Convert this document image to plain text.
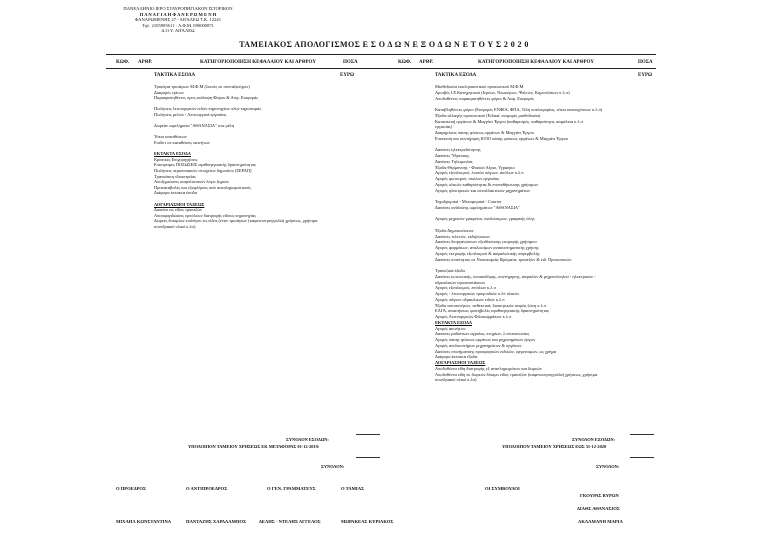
ΠΑΝΕΛΛΗΝΙΟ ΙΕΡΟ ΣΤΑΥΡΟΠΗΓΙΑΚΟΝ ΙΣΤΟΡΙΚΟΝ
Π Α Ν Α Γ Ι Α Η Φ Α Ν Ε Ρ Ω Μ Ε Ν Η
ΦΑΝΑΡΩΜΕΝΗΣ 27 - ΑΙΓΑΛΕΩ Τ.Κ. 12241
Τηλ. 2105905611 - Α.Φ.Μ. 090000871
Δ.Ο.Υ. ΑΙΓΑΛΕΩ
ΤΑΜΕΙΑΚΟΣ ΑΠΟΛΟΓΙΣΜΟΣ Ε Σ Ο Δ Ω Ν Ε Ξ Ο Δ Ω Ν Ε Τ Ο Υ Σ 2 0 2 0
ΚΩΦ. ΑΡΘΡ.	ΚΑΤΗΓΟΡΙΟΠΟΙΗΣΗ ΚΕΦΑΛΑΙΟΥ ΚΑΙ ΑΡΘΡΟΥ	ΠΟΣΑ	ΚΩΦ. ΑΡΘΡ.	ΚΑΤΗΓΟΡΙΟΠΟΙΗΣΗ ΚΕΦΑΛΑΙΟΥ ΚΑΙ ΑΡΘΡΟΥ	ΠΟΣΑ
ΤΑΚΤΙΚΑ ΕΣΟΔΑ	ΕΥΡΩ	ΤΑΚΤΙΚΑ ΕΞΟΔΑ	ΕΥΡΩ
Τρισάγια τρισάγιων Μ.Φ.Μ (λοιπές εκ συνταξιούχων)
Διαφορές τρίτων
Παρακρατηθέντες προς εκάλυψη Φόρου & Ασφ. Εισφοράς
Πωλήσεις λειτουργικών ειδών κηροπηγίων πλην κηροσειράς
Πωλήσεις μελών - Λειτουργικά εργασίας
Δωρεάν ωφελήματα "ΑΘΑΝΑΣΙΑ" στα μέλη
Τόκοι καταθέσεων
Επιδοτ σε καταθέσεις ακινήτων
ΕΚΤΑΚΤΑ ΕΣΟΔΑ
Κρατικές Επιχορηγήσεις
Επιστροφες ΠΟΣΩΣΕΙΣ αγαθοεργειακής δραστηριότητας
Πωλήσεις περιουσιακών στοιχείων δημοσίου (ΣΕΡΑΠ)
Τρανσάκτη ιδιοκτησίας
Αποζημιώσεις ασφαλιστικών λόγω ζημιών
Προκαταβολές και εξοφλήσεις από αναπληρωματικούς
Διάφορα έκτακτα έσοδα
ΛΟΓΑΡΙΑΣΜΟΙ ΤΑΞΕΩΣ
Δικαίου εις είδος τραπεζών
Αποσφαγιδώσεις εμπόλεων διατροφής είδους κηροπηγίας
Δωρεές δοκιμίων επιλόγου εις είδος (έναν τρισάγιων (καφενοστρογγυλία) χρήσεως, χρήσιμα
συνεδριακό υλικό κ.λπ)
Μισθοδοσία εκκλησιαστικού προσωπικού Μ.Φ.Μ
Αμοιβές Ι.Ε.Κατηχητικού (Ιερέων, Νεωκόρων, Ψαλτών, Κηροπλόκων κ.λ.π)
Αποδοθέντες παρακρατηθέντες φόροι & Ασφ. Εισφορές
Καταβληθέντες φόροι (Εισφορές ΕΝΦΙΑ, ΦΠΑ, Τέλη κυκλοφορίας, τόκοι κατασχέσεων κ.λ.π)
Έξοδα αλλαγής προσωπικού (Ειδικά, εισφορές μισθοδοσία)
Κατασκευή οργάνων & Μαγγάνι Έργου (καθαρισμός, καθαριότητα, ασφάλεια κ.λ.π
εργασίας)
Διαφημίσεις πάσης φύσεως οργάνων & Μαγγάνι Έργου
Επισκευή και συντήρηση ΚΤΙΟ πάσης φύσεως οργάνων & Μαγγάνι Έργου
Δαπάνες ηλεκτροδότησης
Δαπάνες Ύδρευσης
Δαπάνες Τηλεφωνίας
Έξοδα Θέρμανσης - Φυσικό Αέριο, Υγραέριο
Αγορές εξοπλισμού, λοιπών πάγιων, ασύλων κ.λ.π
Αγορές φωτισμού, σκόλων εργασίας
Αγορές υλικών καθαριότητας & εναποθήκευσης χρήσιμων
Αγορές ηλεκτρικών και ανταλλακτικών μηχανημάτων
Ταχυδρομικά - Μεταφορικά - Courier
Δαπάνες ανάλυσης ωφελημάτων "ΑΘΑΝΑΣΙΑ"
Αγορές μηχανών γραφείου, αναλώσιμων, γραφικής ύλης
Έξοδα Δημοσιεύσεων
Δαπάνες τελετών, εκδηλώσεων
Δαπάνες διοργανώσεων εξειδίκευσης εκτροφής χρήσιμου
Αγορές φαρμάκων, αναλωσίμων ανασυστηματικής χρήσης
Αγορές εκτροφής εξοπλισμού & ασφαλιστικής παρεμβολής
Δαπάνες ποσότητας σε Νοσοκομεία Ιδρύματα, τραπεζών & ειδ. Προσωπικών
Τραπεζικά έξοδα
Δαπάνες κοινωνικής, ανοικοδόμης, συντήρησης, ασφαλών & μηχανολογίου - ηλεκτρικών -
υδραυλικών εγκαταστάσεων
Αγορές εξοπλισμού, επίπλων κ.λ.π
Αγορές - λειτουργικών τραγουδιών κ.λπ υλικών
Αγορές πάγιων υδραυλικών ειδών κ.λ.π
Έξοδα αυτοκινήτων, ανθεκτικά, διοικητικών σειράς ζώνη κ.λ.π
ΕΛΓΑ, απαιτήσεως φοιτηβολές αγαθοεργειακής δραστηριότητας
Αγορές Λειτουργικών Φιλοκαρμάκων κ.λ.π
ΕΚΤΑΚΤΑ ΕΞΟΔΑ
Αγορές ακινήτων
Δαπάνες ραδιόνιων αγροίας, κτηρίων, λ.επικοινωνίας
Αγορές πάσης φύσεως οργάνων και μηχανημάτων έργων
Αγορές ανελκυστήρων μηχανημάτων & οργάνων
Δαπάνες επισήμανσης προσφυγικών ειδικών, οργανισμών, ως χρήμα
Διάφορα έκτακτα έξοδα
ΛΟΓΑΡΙΑΣΜΟΙ ΤΑΞΕΩΣ
Αποδοθέντα είδη διατροφής εξ αναπληρωμάτων και δωρεών
Αποδοθέντα είδη εκ δωρεών δόκιμο είδος τραπεζών (καφενοστρογγυλία) χρήσεως, χρήσιμα
συνεδριακό υλικό κ.λπ)
ΣΥΝΟΛΟΝ ΕΣΟΔΩΝ:
ΥΠΟΛΟΙΠΟΝ ΤΑΜΕΙΟΥ ΧΡΗΣΕΩΣ ΕΚ ΜΕΤΑΦΟΡΑΣ 01-12-2019:
ΣΥΝΟΛΟΝ:
ΣΥΝΟΛΟΝ ΕΞΟΔΩΝ:
ΥΠΟΛΟΙΠΟΝ ΤΑΜΕΙΟΥ ΧΡΗΣΕΩΣ ΕΩΣ 31-12-2020
ΣΥΝΟΛΟΝ:
Ο ΠΡΟΕΔΡΟΣ	Ο ΑΝΤΙΠΡΟΕΔΡΟΣ	Ο ΓΕΝ. ΓΡΑΜΜΑΤΕΥΣ	Ο ΤΑΜΙΑΣ	ΟΙ ΣΥΜΒΟΥΛΟΙ
ΓΚΟΥΡΑΣ ΒΥΡΩΝ
ΔΙΑΘΣ ΑΘΑΝΑΣΙΟΣ
ΜΙΧΑΗΛ ΚΩΝΣΤΑΝΤΙΝΑ	ΠΑΝΤΑΖΗΣ ΧΑΡΑΛΑΜΠΟΣ	ΔΕΛΗΣ - ΝΤΕΛΗΣ ΑΓΓΕΛΟΣ	ΜΩΡΑΚΕΑΣ ΚΥΡΙΑΚΟΣ	ΑΚΛΑΜΑΝΗ ΜΑΡΙΑ
